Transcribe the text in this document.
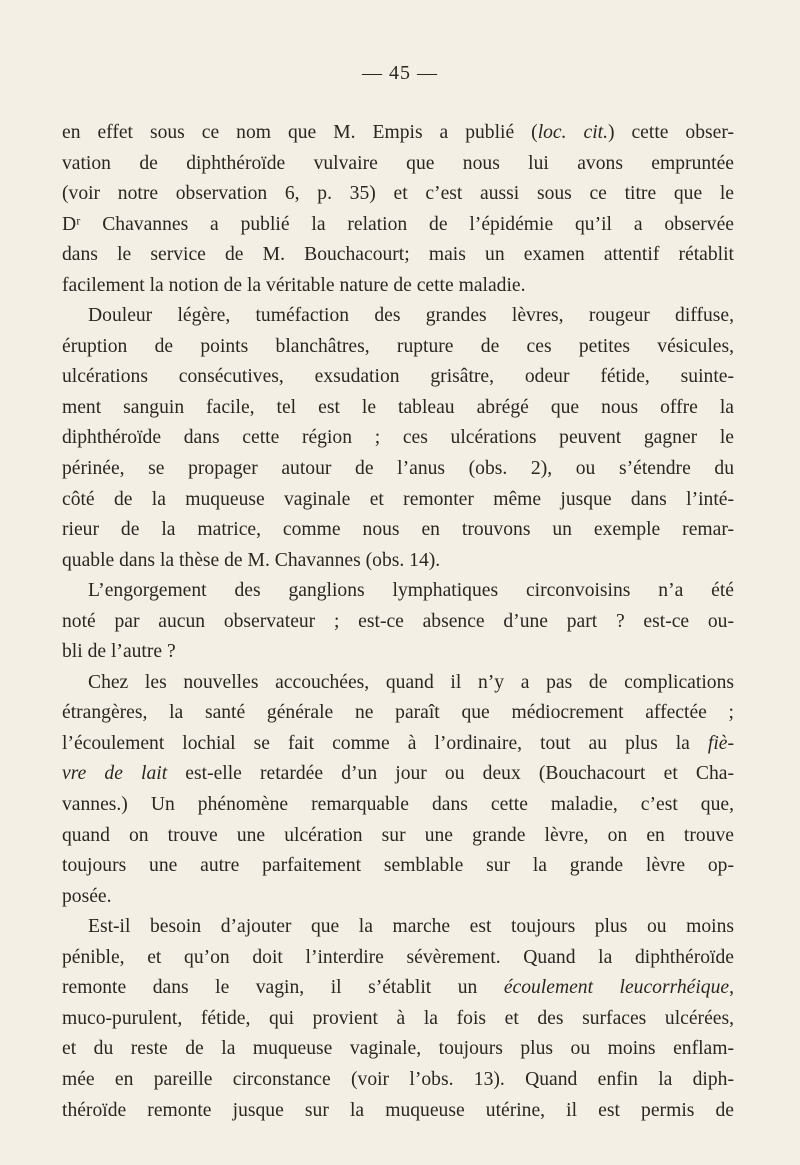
— 45 —
en effet sous ce nom que M. Empis a publié (loc. cit.) cette obser-
vation de diphthéroïde vulvaire que nous lui avons empruntée
(voir notre observation 6, p. 35) et c’est aussi sous ce titre que le
Dʳ Chavannes a publié la relation de l’épidémie qu’il a observée
dans le service de M. Bouchacourt; mais un examen attentif rétablit
facilement la notion de la véritable nature de cette maladie.
Douleur légère, tuméfaction des grandes lèvres, rougeur diffuse,
éruption de points blanchâtres, rupture de ces petites vésicules,
ulcérations consécutives, exsudation grisâtre, odeur fétide, suinte-
ment sanguin facile, tel est le tableau abrégé que nous offre la
diphthéroïde dans cette région ; ces ulcérations peuvent gagner le
périnée, se propager autour de l’anus (obs. 2), ou s’étendre du
côté de la muqueuse vaginale et remonter même jusque dans l’inté-
rieur de la matrice, comme nous en trouvons un exemple remar-
quable dans la thèse de M. Chavannes (obs. 14).
L’engorgement des ganglions lymphatiques circonvoisins n’a été
noté par aucun observateur ; est-ce absence d’une part ? est-ce ou-
bli de l’autre ?
Chez les nouvelles accouchées, quand il n’y a pas de complications
étrangères, la santé générale ne paraît que médiocrement affectée ;
l’écoulement lochial se fait comme à l’ordinaire, tout au plus la fiè-
vre de lait est-elle retardée d’un jour ou deux (Bouchacourt et Cha-
vannes.) Un phénomène remarquable dans cette maladie, c’est que,
quand on trouve une ulcération sur une grande lèvre, on en trouve
toujours une autre parfaitement semblable sur la grande lèvre op-
posée.
Est-il besoin d’ajouter que la marche est toujours plus ou moins
pénible, et qu’on doit l’interdire sévèrement. Quand la diphthéroïde
remonte dans le vagin, il s’établit un écoulement leucorrhéique,
muco-purulent, fétide, qui provient à la fois et des surfaces ulcérées,
et du reste de la muqueuse vaginale, toujours plus ou moins enflam-
mée en pareille circonstance (voir l’obs. 13). Quand enfin la diph-
théroïde remonte jusque sur la muqueuse utérine, il est permis de
